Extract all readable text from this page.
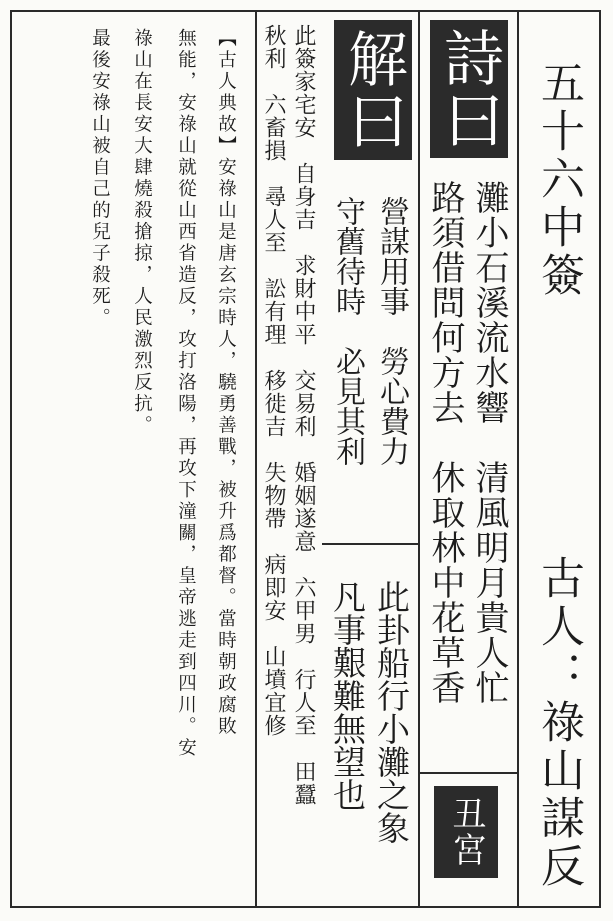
五十六中簽
古人：祿山謀反
詩曰
灘小石溪流水響　清風明月貴人忙
路須借問何方去　休取林中花草香
丑宮
解曰
營謀用事　勞心費力
守舊待時　必見其利
此卦船行小灘之象
凡事艱難無望也
此簽家宅安　自身吉　求財中平　交易利　婚姻遂意　六甲男　行人至　田蠶
秋利　六畜損　尋人至　訟有理　移徙吉　失物帶　病即安　山墳宜修
【古人典故】安祿山是唐玄宗時人，驍勇善戰，被升爲都督。當時朝政腐敗
無能，安祿山就從山西省造反，攻打洛陽，再攻下潼關，皇帝逃走到四川。安
祿山在長安大肆燒殺搶掠，人民激烈反抗。
最後安祿山被自己的兒子殺死。
